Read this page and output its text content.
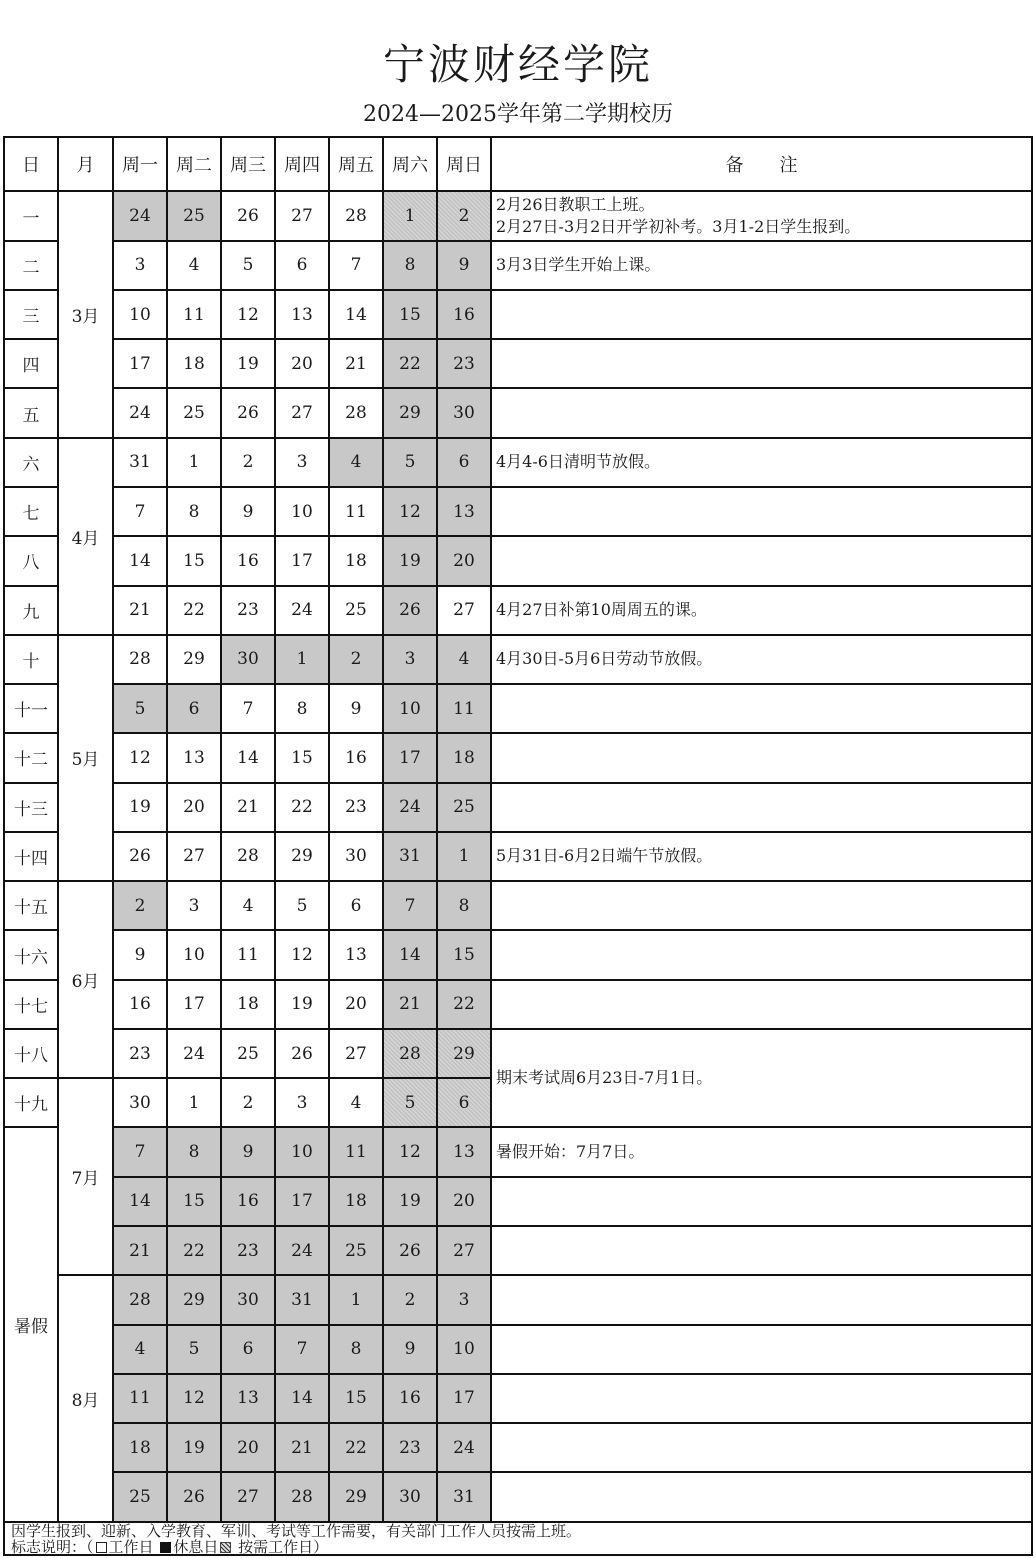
宁波财经学院
2024—2025学年第二学期校历
日	月	周一	周二	周三	周四	周五	周六	周日	备　　注
一	3月	24	25	26	27	28	1	2	2月26日教职工上班。
2月27日-3月2日开学初补考。3月1-2日学生报到。

二		3	4	5	6	7	8	9	3月3日学生开始上课。

三		10	11	12	13	14	15	16	
四		17	18	19	20	21	22	23	
五		24	25	26	27	28	29	30	
六	4月	31	1	2	3	4	5	6	4月4-6日清明节放假。

七		7	8	9	10	11	12	13	
八		14	15	16	17	18	19	20	
九		21	22	23	24	25	26	27	4月27日补第10周周五的课。

十	5月	28	29	30	1	2	3	4	4月30日-5月6日劳动节放假。

十一		5	6	7	8	9	10	11	
十二		12	13	14	15	16	17	18	
十三		19	20	21	22	23	24	25	
十四		26	27	28	29	30	31	1	5月31日-6月2日端午节放假。

十五	6月	2	3	4	5	6	7	8	
十六		9	10	11	12	13	14	15	
十七		16	17	18	19	20	21	22	
十八		23	24	25	26	27	28	29	期末考试周6月23日-7月1日。

十九	7月	30	1	2	3	4	5	6	
暑假		7	8	9	10	11	12	13	暑假开始：7月7日。

		14	15	16	17	18	19	20	
		21	22	23	24	25	26	27	
	8月	28	29	30	31	1	2	3	
		4	5	6	7	8	9	10	
		11	12	13	14	15	16	17	
		18	19	20	21	22	23	24	
		25	26	27	28	29	30	31	
因学生报到、迎新、入学教育、军训、考试等工作需要，有关部门工作人员按需上班。
标志说明：（ 工作日 休息日 按需工作日）
